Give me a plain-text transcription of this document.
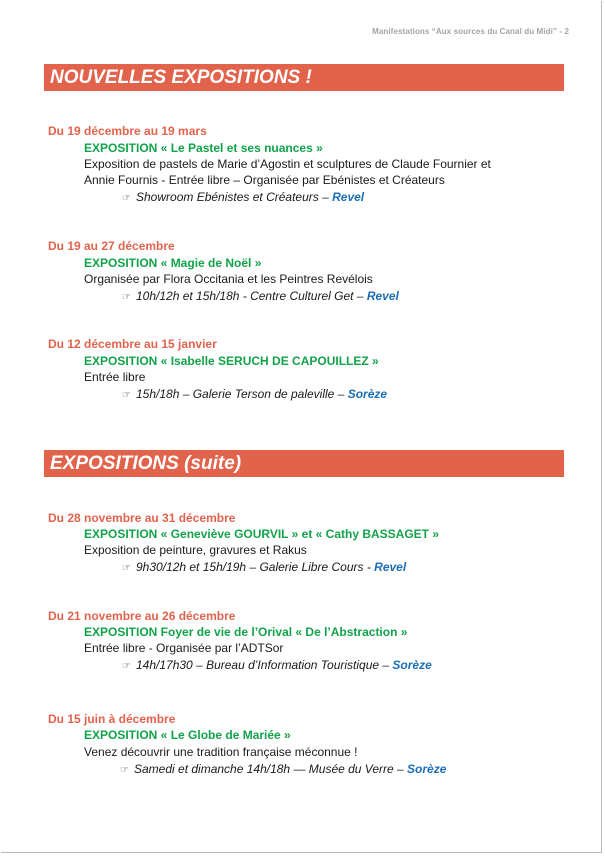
Manifestations “Aux sources du Canal du Midi” - 2
NOUVELLES EXPOSITIONS !
Du 19 décembre au 19 mars
EXPOSITION « Le Pastel et ses nuances »
Exposition de pastels de Marie d’Agostin et sculptures de Claude Fournier et
Annie Fournis - Entrée libre – Organisée par Ebénistes et Créateurs
☞ Showroom Ebénistes et Créateurs – Revel
Du 19 au 27 décembre
EXPOSITION « Magie de Noël »
Organisée par Flora Occitania et les Peintres Revélois
☞ 10h/12h et 15h/18h - Centre Culturel Get – Revel
Du 12 décembre au 15 janvier
EXPOSITION « Isabelle SERUCH DE CAPOUILLEZ »
Entrée libre
☞ 15h/18h – Galerie Terson de paleville – Sorèze
EXPOSITIONS (suite)
Du 28 novembre au 31 décembre
EXPOSITION « Geneviève GOURVIL » et « Cathy BASSAGET »
Exposition de peinture, gravures et Rakus
☞ 9h30/12h et 15h/19h – Galerie Libre Cours - Revel
Du 21 novembre au 26 décembre
EXPOSITION Foyer de vie de l’Orival « De l’Abstraction »
Entrée libre - Organisée par l’ADTSor
☞ 14h/17h30 – Bureau d’Information Touristique – Sorèze
Du 15 juin à décembre
EXPOSITION « Le Globe de Mariée »
Venez découvrir une tradition française méconnue !
☞ Samedi et dimanche 14h/18h — Musée du Verre – Sorèze
